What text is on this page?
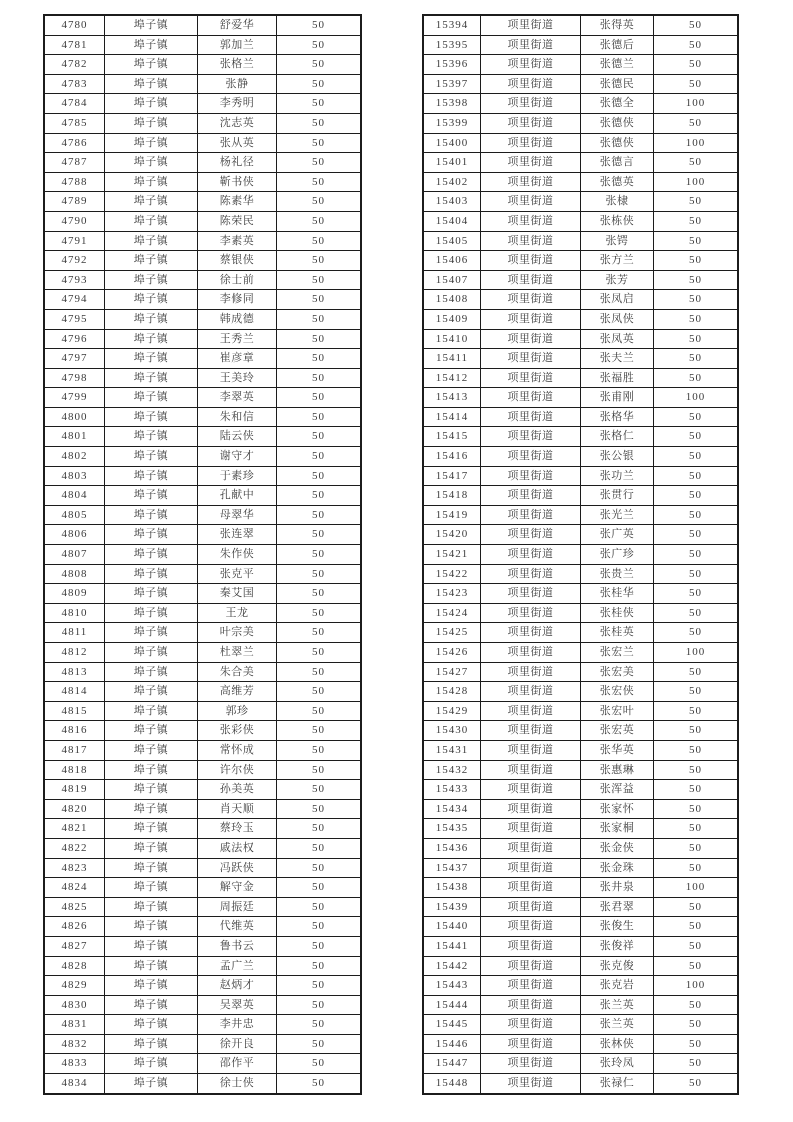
4780	埠子镇	舒爱华	50
4781	埠子镇	郭加兰	50
4782	埠子镇	张格兰	50
4783	埠子镇	张静	50
4784	埠子镇	李秀明	50
4785	埠子镇	沈志英	50
4786	埠子镇	张从英	50
4787	埠子镇	杨礼径	50
4788	埠子镇	靳书侠	50
4789	埠子镇	陈素华	50
4790	埠子镇	陈荣民	50
4791	埠子镇	李素英	50
4792	埠子镇	蔡银侠	50
4793	埠子镇	徐士前	50
4794	埠子镇	李修同	50
4795	埠子镇	韩成德	50
4796	埠子镇	王秀兰	50
4797	埠子镇	崔彦章	50
4798	埠子镇	王美玲	50
4799	埠子镇	李翠英	50
4800	埠子镇	朱和信	50
4801	埠子镇	陆云侠	50
4802	埠子镇	谢守才	50
4803	埠子镇	于素珍	50
4804	埠子镇	孔献中	50
4805	埠子镇	母翠华	50
4806	埠子镇	张连翠	50
4807	埠子镇	朱作侠	50
4808	埠子镇	张克平	50
4809	埠子镇	秦艾国	50
4810	埠子镇	王龙	50
4811	埠子镇	叶宗美	50
4812	埠子镇	杜翠兰	50
4813	埠子镇	朱合美	50
4814	埠子镇	高维芳	50
4815	埠子镇	郭珍	50
4816	埠子镇	张彩侠	50
4817	埠子镇	常怀成	50
4818	埠子镇	许尔侠	50
4819	埠子镇	孙美英	50
4820	埠子镇	肖天顺	50
4821	埠子镇	蔡玲玉	50
4822	埠子镇	戚法权	50
4823	埠子镇	冯跃侠	50
4824	埠子镇	解守金	50
4825	埠子镇	周振廷	50
4826	埠子镇	代维英	50
4827	埠子镇	鲁书云	50
4828	埠子镇	孟广兰	50
4829	埠子镇	赵炳才	50
4830	埠子镇	吴翠英	50
4831	埠子镇	李井忠	50
4832	埠子镇	徐开良	50
4833	埠子镇	邵作平	50
4834	埠子镇	徐士侠	50
15394	项里街道	张得英	50
15395	项里街道	张德后	50
15396	项里街道	张德兰	50
15397	项里街道	张德民	50
15398	项里街道	张德全	100
15399	项里街道	张德侠	50
15400	项里街道	张德侠	100
15401	项里街道	张德言	50
15402	项里街道	张德英	100
15403	项里街道	张棣	50
15404	项里街道	张栋侠	50
15405	项里街道	张锷	50
15406	项里街道	张方兰	50
15407	项里街道	张芳	50
15408	项里街道	张凤启	50
15409	项里街道	张凤侠	50
15410	项里街道	张凤英	50
15411	项里街道	张夫兰	50
15412	项里街道	张福胜	50
15413	项里街道	张甫刚	100
15414	项里街道	张格华	50
15415	项里街道	张格仁	50
15416	项里街道	张公银	50
15417	项里街道	张功兰	50
15418	项里街道	张贯行	50
15419	项里街道	张光兰	50
15420	项里街道	张广英	50
15421	项里街道	张广珍	50
15422	项里街道	张贵兰	50
15423	项里街道	张桂华	50
15424	项里街道	张桂侠	50
15425	项里街道	张桂英	50
15426	项里街道	张宏兰	100
15427	项里街道	张宏美	50
15428	项里街道	张宏侠	50
15429	项里街道	张宏叶	50
15430	项里街道	张宏英	50
15431	项里街道	张华英	50
15432	项里街道	张惠琳	50
15433	项里街道	张浑益	50
15434	项里街道	张家怀	50
15435	项里街道	张家桐	50
15436	项里街道	张金侠	50
15437	项里街道	张金珠	50
15438	项里街道	张井泉	100
15439	项里街道	张君翠	50
15440	项里街道	张俊生	50
15441	项里街道	张俊祥	50
15442	项里街道	张克俊	50
15443	项里街道	张克岩	100
15444	项里街道	张兰英	50
15445	项里街道	张兰英	50
15446	项里街道	张林侠	50
15447	项里街道	张玲凤	50
15448	项里街道	张禄仁	50
